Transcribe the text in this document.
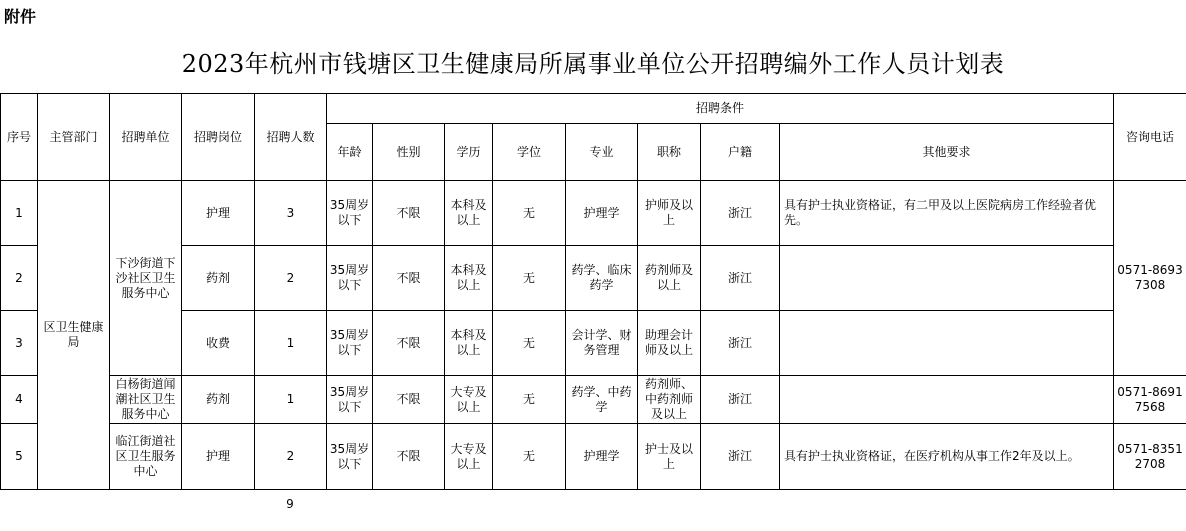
附件
2023年杭州市钱塘区卫生健康局所属事业单位公开招聘编外工作人员计划表
序号	主管部门	招聘单位	招聘岗位	招聘人数	招聘条件								咨询电话
					年龄	性别	学历	学位	专业	职称	户籍	其他要求	
1	区卫生健康局	下沙街道下沙社区卫生服务中心	护理	3	35周岁以下	不限	本科及以上	无	护理学	护师及以上	浙江	具有护士执业资格证，有二甲及以上医院病房工作经验者优先。	0571-86937308
2			药剂	2	35周岁以下	不限	本科及以上	无	药学、临床药学	药剂师及以上	浙江		
3			收费	1	35周岁以下	不限	本科及以上	无	会计学、财务管理	助理会计师及以上	浙江		
4		白杨街道闻潮社区卫生服务中心	药剂	1	35周岁以下	不限	大专及以上	无	药学、中药学	药剂师、中药剂师及以上	浙江		0571-86917568
5		临江街道社区卫生服务中心	护理	2	35周岁以下	不限	大专及以上	无	护理学	护士及以上	浙江	具有护士执业资格证，在医疗机构从事工作2年及以上。	0571-83512708
9
